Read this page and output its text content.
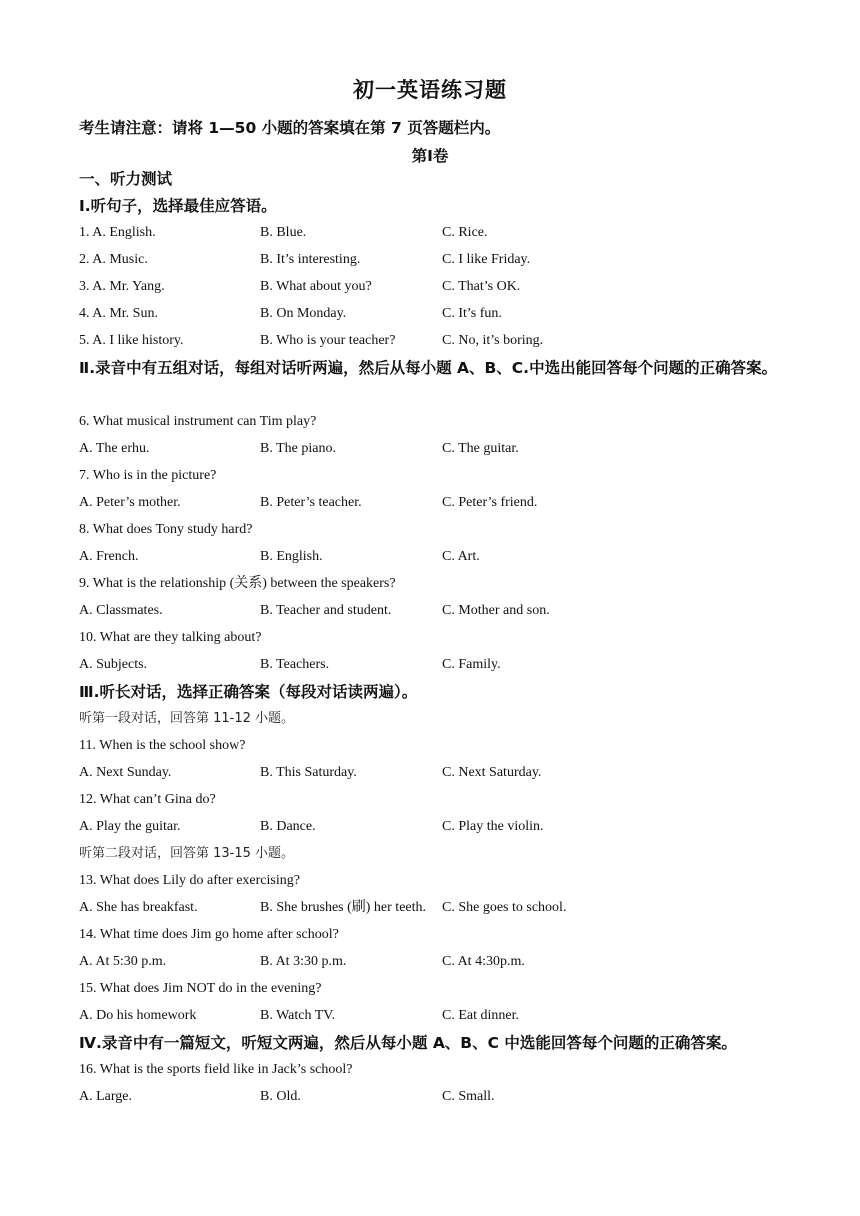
初一英语练习题
考生请注意：请将 1—50 小题的答案填在第 7 页答题栏内。
第Ⅰ卷
一、听力测试
I.听句子，选择最佳应答语。
1. A. English.	B. Blue.	C. Rice.
2. A. Music.	B. It’s interesting.	C. I like Friday.
3. A. Mr. Yang.	B. What about you?	C. That’s OK.
4. A. Mr. Sun.	B. On Monday.	C. It’s fun.
5. A. I like history.	B. Who is your teacher?	C. No, it’s boring.
Ⅱ.录音中有五组对话，每组对话听两遍，然后从每小题 A、B、C.中选出能回答每个问题的正确答案。
6. What musical instrument can Tim play?
A. The erhu.	B. The piano.	C. The guitar.
7. Who is in the picture?
A. Peter’s mother.	B. Peter’s teacher.	C. Peter’s friend.
8. What does Tony study hard?
A. French.	B. English.	C. Art.
9. What is the relationship (关系) between the speakers?
A. Classmates.	B. Teacher and student.	C. Mother and son.
10. What are they talking about?
A. Subjects.	B. Teachers.	C. Family.
Ⅲ.听长对话，选择正确答案（每段对话读两遍）。
听第一段对话，回答第 11-12 小题。
11. When is the school show?
A. Next Sunday.	B. This Saturday.	C. Next Saturday.
12. What can’t Gina do?
A. Play the guitar.	B. Dance.	C. Play the violin.
听第二段对话，回答第 13-15 小题。
13. What does Lily do after exercising?
A. She has breakfast.	B. She brushes (刷) her teeth. C. She goes to school.
14. What time does Jim go home after school?
A. At 5:30 p.m.	B. At 3:30 p.m.	C. At 4:30p.m.
15. What does Jim NOT do in the evening?
A. Do his homework	B. Watch TV.	C. Eat dinner.
Ⅳ.录音中有一篇短文，听短文两遍，然后从每小题 A、B、C 中选能回答每个问题的正确答案。
16. What is the sports field like in Jack’s school?
A. Large.	B. Old.	C. Small.
